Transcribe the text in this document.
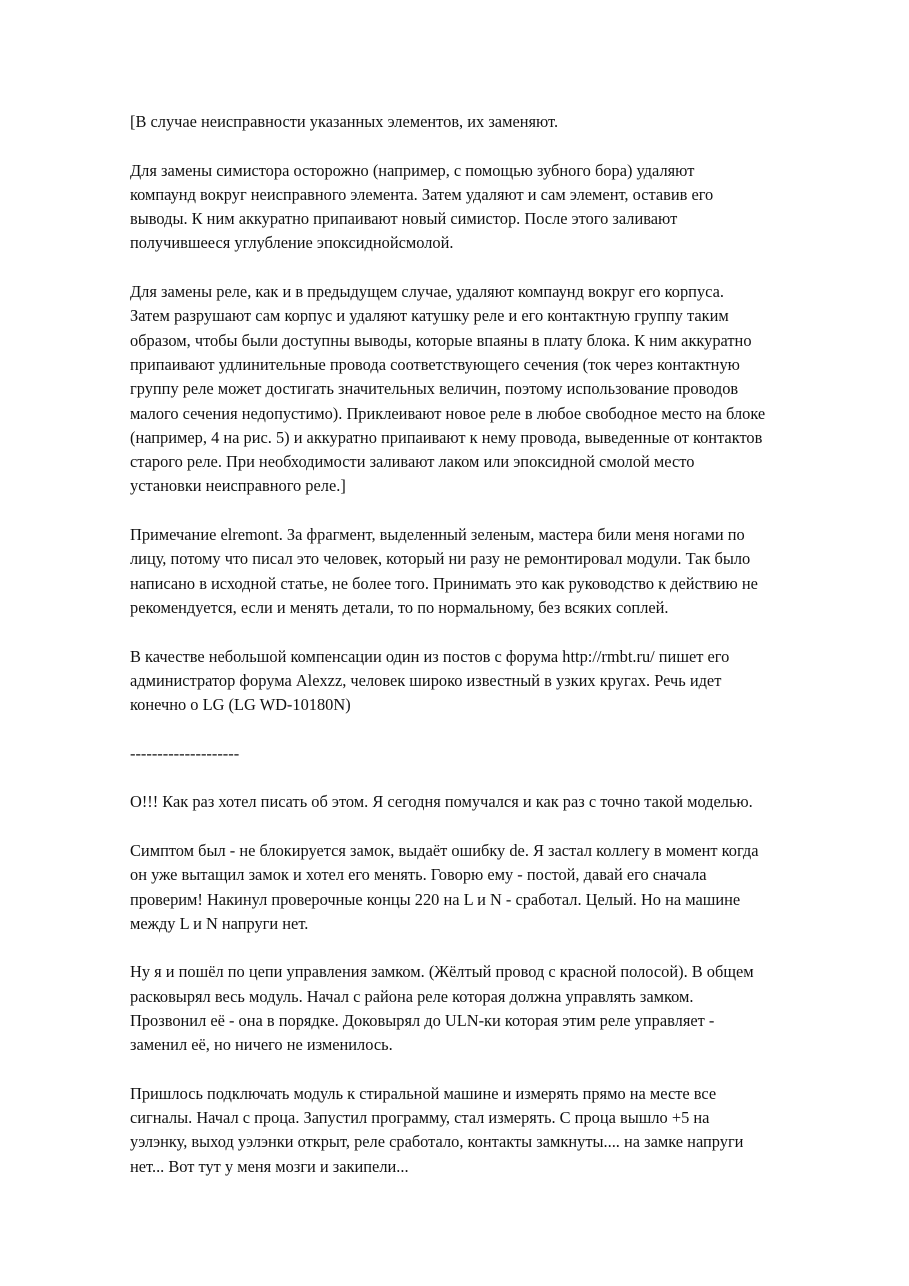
[В случае неисправности указанных элементов, их заменяют.

Для замены симистора осторожно (например, с помощью зубного бора) удаляют
компаунд вокруг неисправного элемента. Затем удаляют и сам элемент, оставив его
выводы. К ним аккуратно припаивают новый симистор. После этого заливают
получившееся углубление эпоксиднойсмолой.

Для замены реле, как и в предыдущем случае, удаляют компаунд вокруг его корпуса.
Затем разрушают сам корпус и удаляют катушку реле и его контактную группу таким
образом, чтобы были доступны выводы, которые впаяны в плату блока. К ним аккуратно
припаивают удлинительные провода соответствующего сечения (ток через контактную
группу реле может достигать значительных величин, поэтому использование проводов
малого сечения недопустимо). Приклеивают новое реле в любое свободное место на блоке
(например, 4 на рис. 5) и аккуратно припаивают к нему провода, выведенные от контактов
старого реле. При необходимости заливают лаком или эпоксидной смолой место
установки неисправного реле.]

Примечание elremont. За фрагмент, выделенный зеленым, мастера били меня ногами по
лицу, потому что писал это человек, который ни разу не ремонтировал модули. Так было
написано в исходной статье, не более того. Принимать это как руководство к действию не
рекомендуется, если и менять детали, то по нормальному, без всяких соплей.

В качестве небольшой компенсации один из постов с форума http://rmbt.ru/ пишет его
администратор форума Alexzz, человек широко известный в узких кругах. Речь идет
конечно о LG (LG WD-10180N)

--------------------

О!!! Как раз хотел писать об этом. Я сегодня помучался и как раз с точно такой моделью.

Симптом был - не блокируется замок, выдаёт ошибку de. Я застал коллегу в момент когда
он уже вытащил замок и хотел его менять. Говорю ему - постой, давай его сначала
проверим! Накинул проверочные концы 220 на L и N - сработал. Целый. Но на машине
между L и N напруги нет.

Ну я и пошёл по цепи управления замком. (Жёлтый провод с красной полосой). В общем
расковырял весь модуль. Начал с района реле которая должна управлять замком.
Прозвонил её - она в порядке. Доковырял до ULN-ки которая этим реле управляет -
заменил её, но ничего не изменилось.

Пришлось подключать модуль к стиральной машине и измерять прямо на месте все
сигналы. Начал с проца. Запустил программу, стал измерять. С проца вышло +5 на
уэлэнку, выход уэлэнки открыт, реле сработало, контакты замкнуты.... на замке напруги
нет... Вот тут у меня мозги и закипели...
